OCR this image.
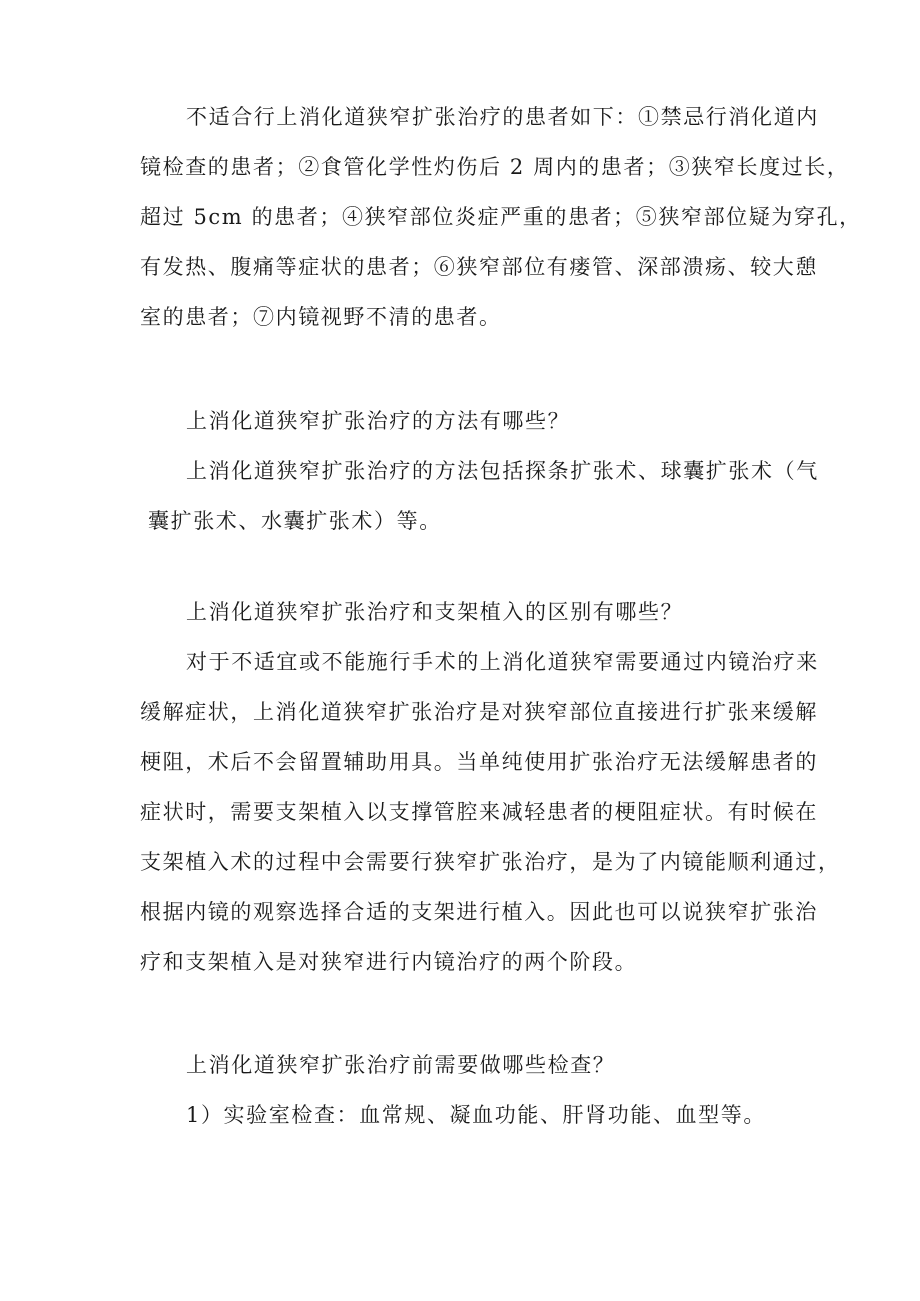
不适合行上消化道狭窄扩张治疗的患者如下：①禁忌行消化道内
镜检查的患者；②食管化学性灼伤后 2 周内的患者；③狭窄长度过长，
超过 5cm 的患者；④狭窄部位炎症严重的患者；⑤狭窄部位疑为穿孔，
有发热、腹痛等症状的患者；⑥狭窄部位有瘘管、深部溃疡、较大憩
室的患者；⑦内镜视野不清的患者。
上消化道狭窄扩张治疗的方法有哪些？
上消化道狭窄扩张治疗的方法包括探条扩张术、球囊扩张术（气
囊扩张术、水囊扩张术）等。
上消化道狭窄扩张治疗和支架植入的区别有哪些？
对于不适宜或不能施行手术的上消化道狭窄需要通过内镜治疗来
缓解症状，上消化道狭窄扩张治疗是对狭窄部位直接进行扩张来缓解
梗阻，术后不会留置辅助用具。当单纯使用扩张治疗无法缓解患者的
症状时，需要支架植入以支撑管腔来减轻患者的梗阻症状。有时候在
支架植入术的过程中会需要行狭窄扩张治疗，是为了内镜能顺利通过，
根据内镜的观察选择合适的支架进行植入。因此也可以说狭窄扩张治
疗和支架植入是对狭窄进行内镜治疗的两个阶段。
上消化道狭窄扩张治疗前需要做哪些检查？
1）实验室检查：血常规、凝血功能、肝肾功能、血型等。
